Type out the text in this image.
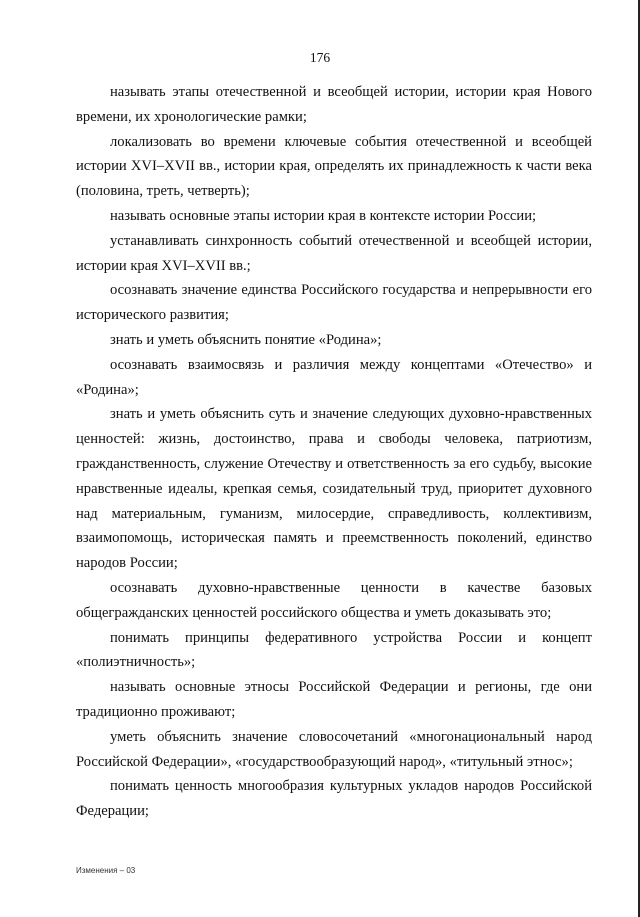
176

называть этапы отечественной и всеобщей истории, истории края Нового времени, их хронологические рамки;

локализовать во времени ключевые события отечественной и всеобщей истории XVI–XVII вв., истории края, определять их принадлежность к части века (половина, треть, четверть);

называть основные этапы истории края в контексте истории России;

устанавливать синхронность событий отечественной и всеобщей истории, истории края XVI–XVII вв.;

осознавать значение единства Российского государства и непрерывности его исторического развития;

знать и уметь объяснить понятие «Родина»;

осознавать взаимосвязь и различия между концептами «Отечество» и «Родина»;

знать и уметь объяснить суть и значение следующих духовно-нравственных ценностей: жизнь, достоинство, права и свободы человека, патриотизм, гражданственность, служение Отечеству и ответственность за его судьбу, высокие нравственные идеалы, крепкая семья, созидательный труд, приоритет духовного над материальным, гуманизм, милосердие, справедливость, коллективизм, взаимопомощь, историческая память и преемственность поколений, единство народов России;

осознавать духовно-нравственные ценности в качестве базовых общегражданских ценностей российского общества и уметь доказывать это;

понимать принципы федеративного устройства России и концепт «полиэтничность»;

называть основные этносы Российской Федерации и регионы, где они традиционно проживают;

уметь объяснить значение словосочетаний «многонациональный народ Российской Федерации», «государствообразующий народ», «титульный этнос»;

понимать ценность многообразия культурных укладов народов Российской Федерации;

Изменения – 03
